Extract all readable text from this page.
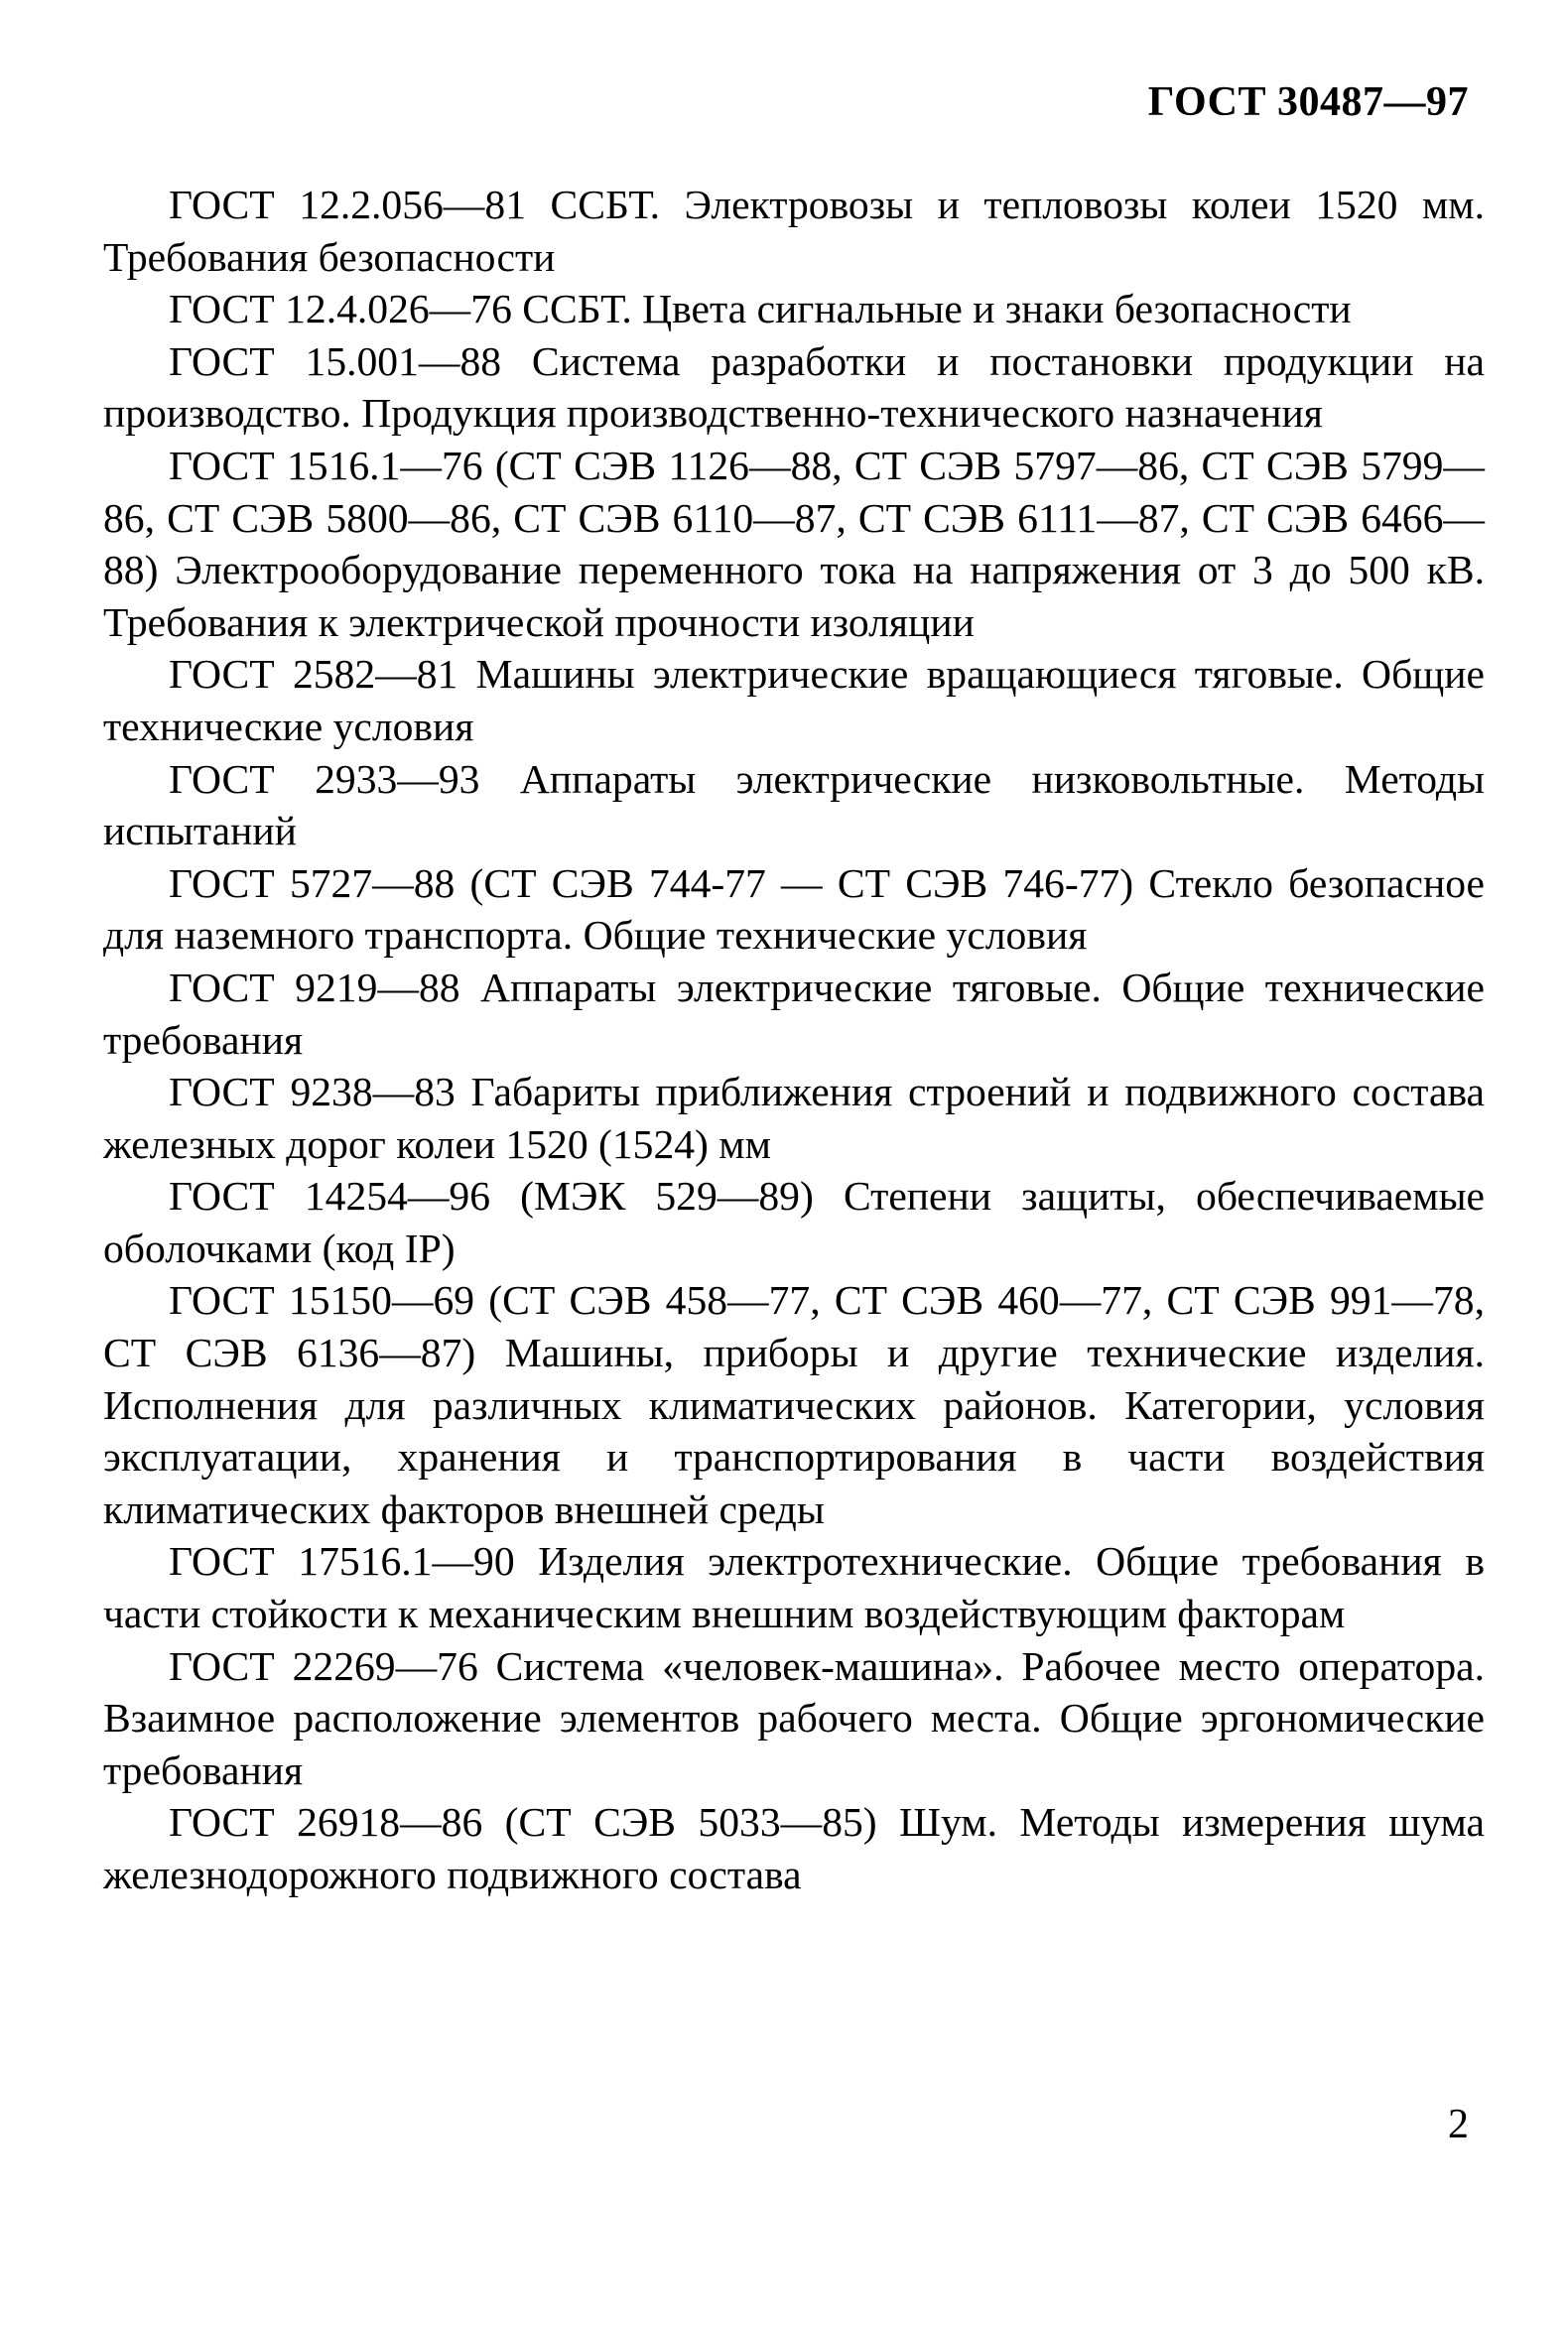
ГОСТ 30487—97

ГОСТ 12.2.056—81 ССБТ. Электровозы и тепловозы колеи 1520 мм. Требования безопасности

ГОСТ 12.4.026—76 ССБТ. Цвета сигнальные и знаки безопасности

ГОСТ 15.001—88 Система разработки и постановки продукции на производство. Продукция производственно-технического назначения

ГОСТ 1516.1—76 (СТ СЭВ 1126—88, СТ СЭВ 5797—86, СТ СЭВ 5799—86, СТ СЭВ 5800—86, СТ СЭВ 6110—87, СТ СЭВ 6111—87, СТ СЭВ 6466—88) Электрооборудование переменного тока на напряжения от 3 до 500 кВ. Требования к электрической прочности изоляции

ГОСТ 2582—81 Машины электрические вращающиеся тяговые. Общие технические условия

ГОСТ 2933—93 Аппараты электрические низковольтные. Методы испытаний

ГОСТ 5727—88 (СТ СЭВ 744-77 — СТ СЭВ 746-77) Стекло безопасное для наземного транспорта. Общие технические условия

ГОСТ 9219—88 Аппараты электрические тяговые. Общие технические требования

ГОСТ 9238—83 Габариты приближения строений и подвижного состава железных дорог колеи 1520 (1524) мм

ГОСТ 14254—96 (МЭК 529—89) Степени защиты, обеспечиваемые оболочками (код IP)

ГОСТ 15150—69 (СТ СЭВ 458—77, СТ СЭВ 460—77, СТ СЭВ 991—78, СТ СЭВ 6136—87) Машины, приборы и другие технические изделия. Исполнения для различных климатических районов. Категории, условия эксплуатации, хранения и транспортирования в части воздействия климатических факторов внешней среды

ГОСТ 17516.1—90 Изделия электротехнические. Общие требования в части стойкости к механическим внешним воздействующим факторам

ГОСТ 22269—76 Система «человек-машина». Рабочее место оператора. Взаимное расположение элементов рабочего места. Общие эргономические требования

ГОСТ 26918—86 (СТ СЭВ 5033—85) Шум. Методы измерения шума железнодорожного подвижного состава

2
